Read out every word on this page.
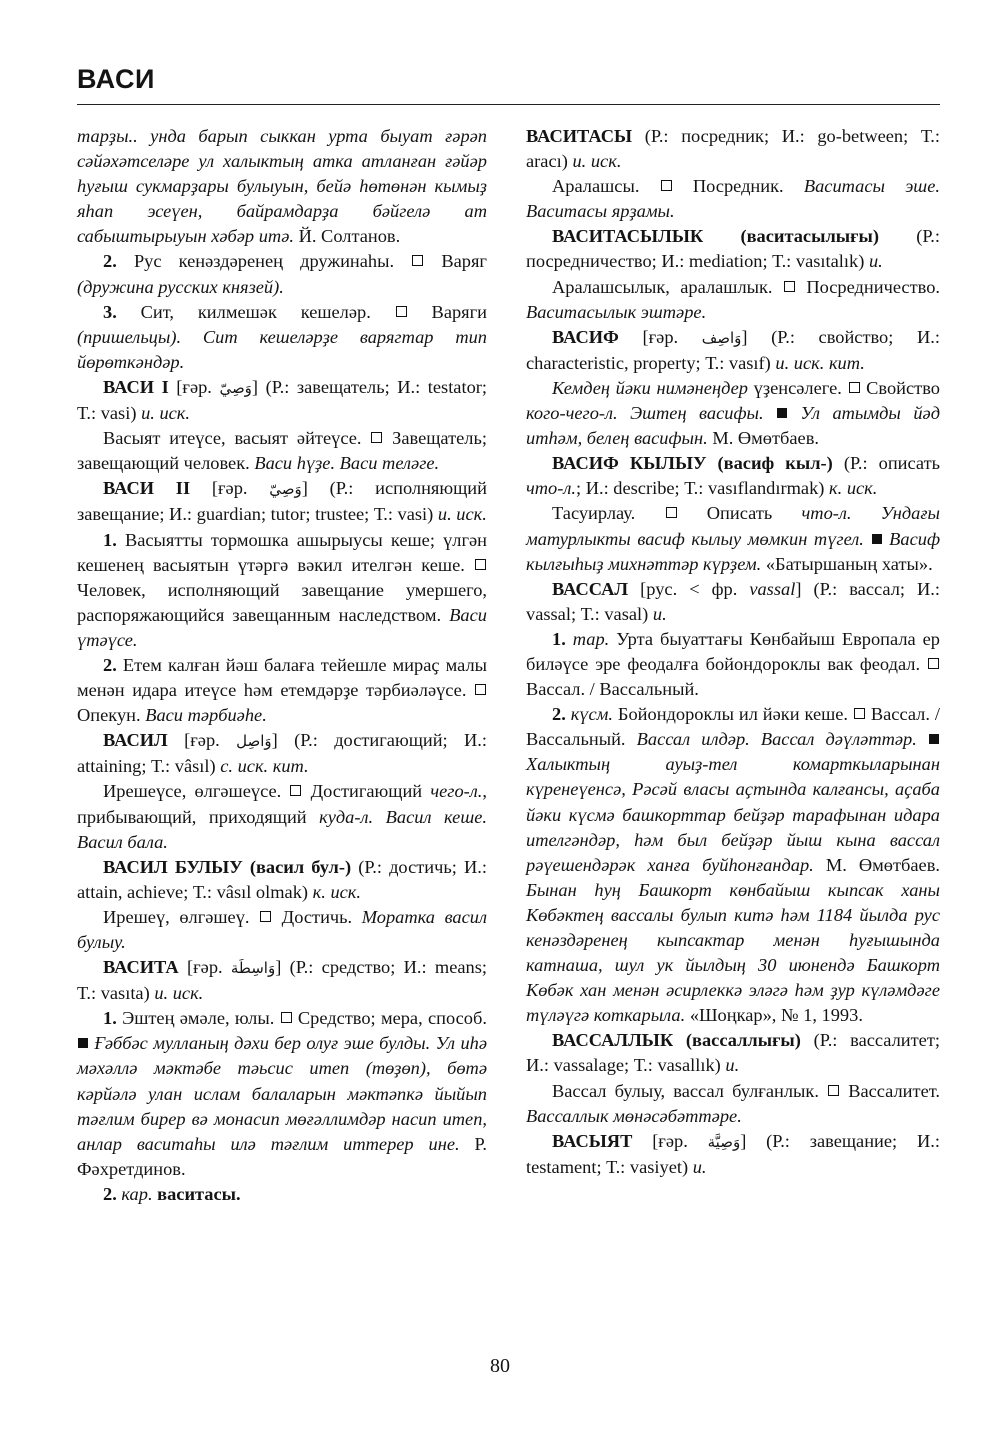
ВАСИ

тарҙы.. унда барып сыккан урта быуат ғәрәп сәйәхәтселәре ул халыктың атка атланған ғәйәр һуғыш сукмарҙары булыуын, бейә һөтөнән кымыҙ яһап эсеүен, байрамдарҙа бәйгелә ат сабыштырыуын хәбәр итә. Й. Солтанов.

2. Рус кенәздәренең дружинаһы.	Варяг (дружина русских князей).

3. Сит, килмешәк кешеләр.	Варяги (пришельцы). Сит кешеләрҙе варягтар тип йөрөткәндәр.

ВАСИ I [ғәр. وَصِيّ] (Р.: завещатель; И.: testator; Т.: vasi) и. ucк.

Васыят итеүсе, васыят әйтеүсе. Завещатель; завещающий человек. Васи һүҙе. Васи теләге.

ВАСИ II [ғәр. وَصِيّ] (Р.: исполняющий завещание; И.: guardian; tutor; trustee; Т.: vasi) и. ucк.

1. Васыятты тормошка ашырыусы кеше; үлгән кешенең васыятын үтәргә вәкил ителгән кеше.  Человек, исполняющий завещание умершего, распоряжающийся завещанным наследством. Васи үтәүсе.

2. Етем калған йәш балаға тейешле мираҫ малы менән идара итеүсе һәм етемдәрҙе тәрбиәләүсе.  Опекун. Васи тәрбиәһе.

ВАСИЛ [ғәр. وَاصِل] (Р.: достигающий; И.: attaining; Т.: vâsıl) с. ucк. кит.

Ирешеүсе, өлгәшеүсе. Достигающий чего-л., прибывающий, приходящий куда-л. Васил кеше. Васил бала.

ВАСИЛ БУЛЫУ (васил бул-) (Р.: достичь; И.: attain, achieve; Т.: vâsıl olmak) к. ucк.

Ирешеү, өлгәшеү. Достичь. Моратка васил булыу.

ВАСИТА [ғәр. وَاسِطَة] (Р.: средство; И.: means; Т.: vasıta) и. ucк.

1. Эштең әмәле, юлы. Средство; мера, способ.  Ғәббәс мулланың дәхи бер олуғ эше булды. Ул иһә мәхәллә мәктәбе тәьсис итеп (төҙөп), бөтә кәрйәлә улан ислам балаларын мәктәпкә йыйып тәғлим бирер вә монасип мөғәллимдәр насип итеп, анлар васитаһы илә тәғлим иттерер ине. Р. Фәхретдинов.

2. кар. васитасы.

ВАСИТАСЫ (Р.: посредник; И.: go-between; Т.: aracı) и. ucк.

Аралашсы.	Посредник. Васитасы эше. Васитасы ярҙамы.

ВАСИТАСЫЛЫК (васитасылығы) (Р.: посредничество; И.: mediation; Т.: vasıtalık) и.

Аралашсылык, аралашлык. Посредничество. Васитасылык эштәре.

ВАСИФ [ғәр. وَاصِف] (Р.: свойство; И.: characteristic, property; Т.: vasıf) и. ucк. кит.

Кемдең йәки нимәнеңдер үҙенсәлеге. Свойство кого-чего-л. Эштең васифы. Ул атымды йәд итһәм, белең васифын. М. Өмөтбаев.

ВАСИФ КЫЛЫУ (васиф кыл-) (Р.: описать что-л.; И.: describe; Т.: vasıflandırmak) к. ucк.

Тасуирлау.	Описать что-л. Ундағы матурлыкты васиф кылыу мөмкин түгел. Васиф кылғыһыҙ михнәттәр күрҙем. «Батыршаның хаты».

ВАССАЛ [рус. < фр. vassal] (Р.: вассал; И.: vassal; Т.: vasal) и.

1. тар. Урта быуаттағы Көнбайыш Европала ер биләүсе эре феодалға бойондороклы вак феодал.  Вассал. / Вассальный.

2. күсм. Бойондороклы ил йәки кеше. Вассал. / Вассальный. Вассал илдәр. Вассал дәүләттәр.  Халыктың ауыҙ-тел комарткыларынан күренеүенсә, Рәсәй власы аҫтында калғансы, аҫаба йәки күсмә башкорттар бейҙәр тарафынан идара ителгәндәр, һәм был бейҙәр йыш кына вассал рәүешендәрәк ханға буйһонғандар. М. Өмөтбаев. Бынан һуң Башкорт көнбайыш кыпсак ханы Көбәктең вассалы булып китә һәм 1184 йылда рус кенәздәренең кыпсактар менән һуғышында катнаша, шул ук йылдың 30 июнендә Башкорт Көбәк хан менән әсирлеккә эләгә һәм ҙур күләмдәге түләүгә коткарыла. «Шоңкар», № 1, 1993.

ВАССАЛЛЫК (вассаллығы) (Р.: вассалитет; И.: vassalage; Т.: vasallık) и.

Вассал булыу, вассал булғанлык. Вассалитет. Вассаллык мөнәсәбәттәре.

ВАСЫЯТ [ғәр. وَصِيَّة] (Р.: завещание; И.: testament; Т.: vasiyet) и.

80
